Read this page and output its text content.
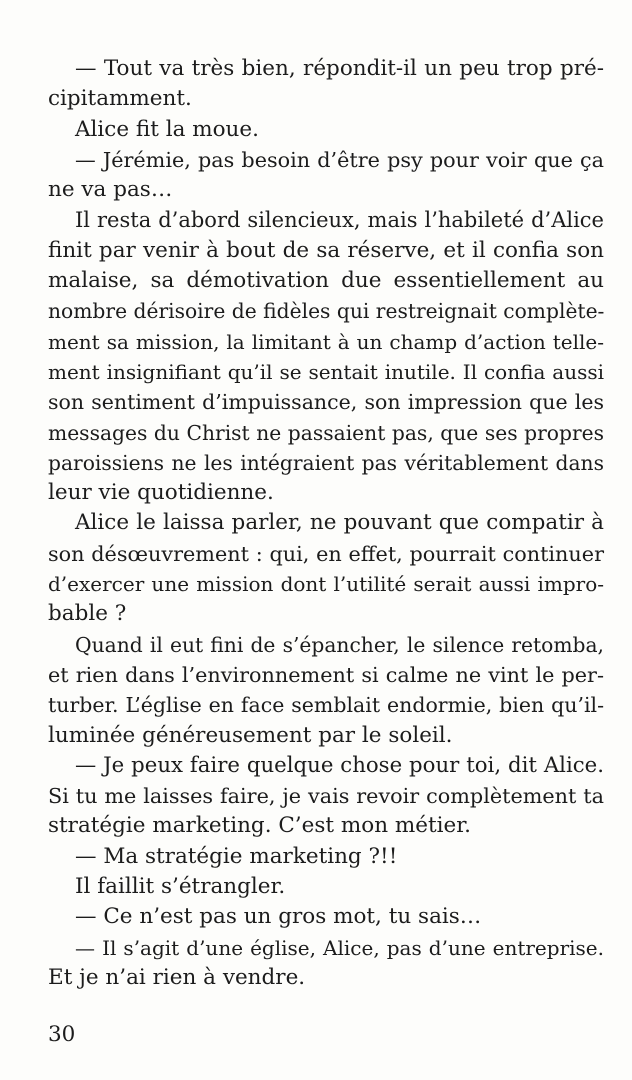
— Tout va très bien, répondit-il un peu trop pré-
cipitamment.
Alice fit la moue.
— Jérémie, pas besoin d’être psy pour voir que ça
ne va pas…
Il resta d’abord silencieux, mais l’habileté d’Alice
finit par venir à bout de sa réserve, et il confia son
malaise, sa démotivation due essentiellement au
nombre dérisoire de fidèles qui restreignait complète-
ment sa mission, la limitant à un champ d’action telle-
ment insignifiant qu’il se sentait inutile. Il confia aussi
son sentiment d’impuissance, son impression que les
messages du Christ ne passaient pas, que ses propres
paroissiens ne les intégraient pas véritablement dans
leur vie quotidienne.
Alice le laissa parler, ne pouvant que compatir à
son désœuvrement : qui, en effet, pourrait continuer
d’exercer une mission dont l’utilité serait aussi impro-
bable ?
Quand il eut fini de s’épancher, le silence retomba,
et rien dans l’environnement si calme ne vint le per-
turber. L’église en face semblait endormie, bien qu’il-
luminée généreusement par le soleil.
— Je peux faire quelque chose pour toi, dit Alice.
Si tu me laisses faire, je vais revoir complètement ta
stratégie marketing. C’est mon métier.
— Ma stratégie marketing ?!!
Il faillit s’étrangler.
— Ce n’est pas un gros mot, tu sais…
— Il s’agit d’une église, Alice, pas d’une entreprise.
Et je n’ai rien à vendre.
30
